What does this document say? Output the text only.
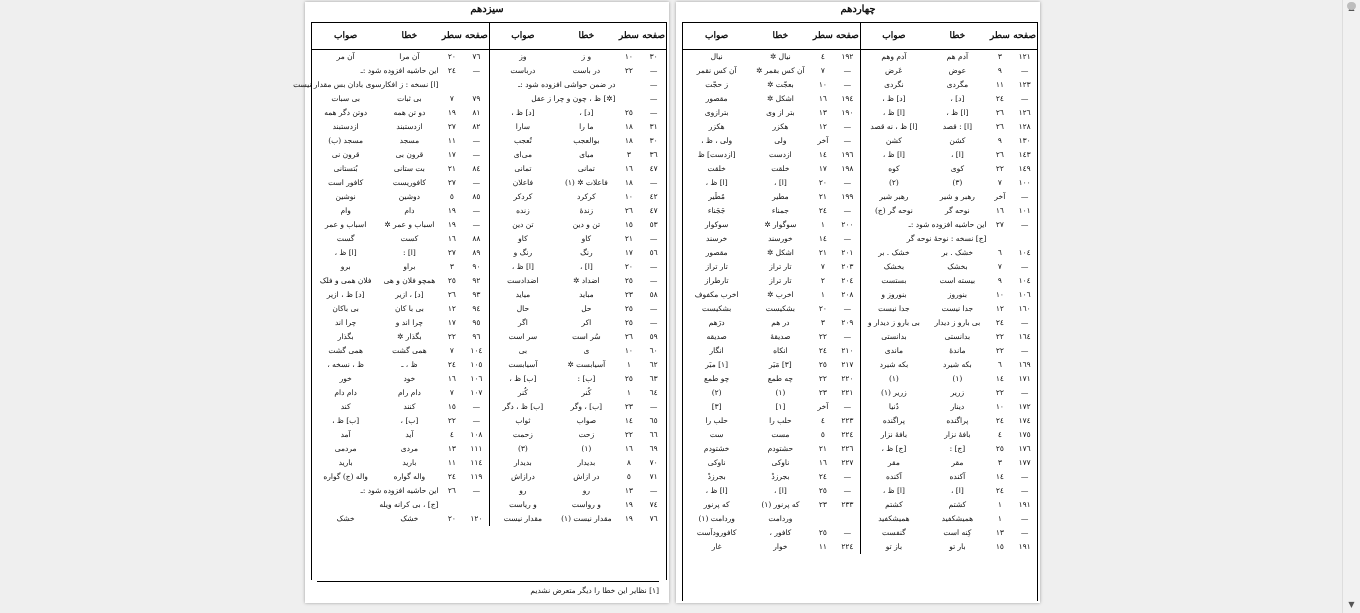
چهاردهم
صفحه	سطر	خطا	صواب	صفحه	سطر	خطا	صواب
۱۲۱	۳	آدم هم	آدم وهم	۱۹۲	٤	نیال ✲	نیال
—	۹	عوض	عَرض	—	۷	آن کس بقمر ✲	آن کس نقمر
۱۲۳	۱۱	مگردی	نگردی	—	۱۰	بعجّت ✲	ز حجّت
—	۲٤	[د] ،	[د] ظ ،	۱۹٤	۱٦	اشکل ✲	مقصور
۱۲٦	۲٦	[ا] ظ ،	[ا] ظ ،	۱۹۰	۱۳	بتر از وی	بترازوی
۱۲۸	۲٦	[ا] : قصد	[ا] ظ ، نه قصد	—	۱۲	هکزر	هکزر
۱۳۰	۹	کشن	کشن	—	آخر	ولی	ولی ، ظ ،
۱٤۳	۲٦	[ا] ،	[ا] ظ ،	۱۹٦	۱٤	ازدست	[ازدست] ظ
۱٤۹	۲۲	کوی	کوه	۱۹۸	۱۷	خلقت	خلقت
۱۰۰	۷	(۳)	(۲)	—	۲۰	[ا] ،	[ا] ظ ،
—	آخر	رهبر و شیر	رهبر شیر	۱۹۹	۲۱	مطیر	مُطَیر
۱۰۱	۱٦	نوحه گر	نوحه گر (ج)	—	۲٤	جمناء	جَجَناء
—	۲۷	این حاشیه افزوده شود :ـ		۲۰۰	۱	سوگوار ✲	سوکوار
		[ج] نسخه : نوحهٔ نوحه گر		—	۱٤	خورسند	خرسند
۱۰٤	٦	خشک . بر	خشک . بر	۲۰۱	۲۱	اشکل ✲	مقصور
—	۷	بخشک	بخشک	۲۰۳	۷	تار تراز	تار تراز
۱۰٤	۹	بیسته است	بستست	۲۰٤	۲	تار تراز	تارطراز
۱۰٦	۱۰	بنوروز	بنوروز و	۲۰۸	۱	اخرب ✲	اخرب مکفوف
۱٦۰	۱۲	جدا نیست	جدا نیست	—	۲۰	بشکیست	بشکیست
—	۲٤	بی بارو ز دیدار	بی بارو ز دیدار و	۲۰۹	۳	در هم	درَهم
۱٦٤	۲۲	بدانستی	بدانستی	—	۲۲	صدیقهٔ	صدیقه
—	۲۲	ماندهٔ	ماندی	۲۱۰	۲٤	انکاه	انگار
۱٦۹	٦	بکه شیرد	بکه شیرد	۲۱۷	۲٥	[۳] مَیَر	[۱] میَر
۱۷۱	۱٤	(۱)	(۱)	۲۲۰	۲۲	چه طمع	چو طمع
—	۲۲	زریر	زریر (۱)	۲۲۱	۲۳	(۱)	(۲)
۱۷۲	۱۰	دینار	دُنیا	—	آخر	[۱]	[۳]
۱۷٤	۲٤	پراگنده	پراگنده	۲۲۳	٤	حلب را	حلب را
۱۷٥	٤	بافهٔ نزار	بافهٔ نزار	۲۲٤	٥	مست	ست
۱۷٦	۲٥	[ج] :	[ج] ظ ،	۲۲٦	۲۱	حشتودم	خشتودم
۱۷۷	۳	مقر	مقر	۲۲۷	۱٦	ناوکی	ناوکی
—	۱٤	آکنده	آکنده	—	۲٤	بجرزدْ	بجرزدْ
—	۲٤	[ا] ،	[ا] ظ ،	—	۲٥	[ا] ،	[ا] ظ ،
۱۹۱	۱	کشتم	کشتم	۲۳۳	۲۳	که پرنور (۱)	که پرنور
—	۱	همیشکفید	همیشکفید			وردامت	وردامت (۱)
—	۱۳	کِنه است	گنفست	—	۲٥	کافور ،	کافوروداَست
۱۹۱	۱٥	بار تو	باز تو	۲۲٤	۱۱	خوار	غار
سیزدهم
صفحه	سطر	خطا	صواب	صفحه	سطر	خطا	صواب
۳۰	۱۰	و ز	وز	۷٦	۲۰	آن مرا	آن مر
—	۲۲	در باست	درباست	—	۲٤	این حاشیه افزوده شود :ـ	
—		در ضمن حواشی افزوده شود :ـ				[ا] نسخه : ز افکارسوی بادان بس مقدار نیست	
—		[✲] ظ ، چون و چرا ز عقل		۷۹	۷	بی ثبات	بی سبات
—	۲٥	[د] ،	[د] ظ ،	۸۱	۱۹	دو تن همه	دوتن دگر همه
۳۱	۱۸	ما را	سارا	۸۲	۲۷	ازدستبند	ازدستبند
۳۰	۱۸	بوالعجب	تُعجب	—	۱۱	مسجد	مسجد (ب)
۳٦	۳	میای	می‌ای	—	۱۷	قرون بی	قرون نی
٤۷	۱٦	تمانی	تمانی	۸٤	۲۱	بت ستانی	بُتستانی
—	۱۸	فاعلات ✲ (۱)	فاعلان	—	۲۷	کافوریست	کافور است
٤۲	۱۰	کرکرد	کردکر	۸٥	٥	دوشین	نوشین
٤۷	۲٦	زندهٔ	زنده	—	۱۹	دام	وام
٥٣	۱٥	تن و دین	تن دین	—	۱۹	اسباب و عمر ✲	اسباب و عمر
—	۲۱	کاو	کاو	۸۸	۱٦	کست	گست
٥٦	۱۷	رنگ	رنگ و	۸۹	۲۷	[ا] :	[ا] ظ ،
—	۲۰	[ا] ،	[ا] ظ ،	۹۰	۳	براو	برو
—	۲٥	اضداد ✲	اضدادست	۹۲	۲٥	همچو فلان و هی	فلان همی و فلک
٥۸	۲۳	مباید	میاید	۹۳	۲٦	[د] ، ازیر	[د] ظ ، ازیر
—	۲٥	حل	حال	۹٤	۱۲	بی با کان	بی باکان
—	۲٥	اکر	اگر	۹٥	۱۷	چرا اند و	چرا اند
٥۹	۲٦	سُر است	سر است	۹٦	۲۲	بگذار ✲	بگذار
٦۰	۱۰	ی	بی	۱۰٤	۷	همی گشت	همی گشت
٦۲	۱	آسیابست ✲	آسیابست	۱۰٥	۲٤	ظ ، ـ	ظ ، نسخه ،
٦۳	۲٥	[ب] :	[ب] ظ ،	۱۰٦	۱٦	خود	خور
٦٤	۱	کُنر	کُنر	۱۰۷	۷	دام رام	دام دام
—	۲۳	[ب] ، وگر	[ب] ظ ، دگر	—	۱٥	کنند	کند
٦٥	۱٤	صواب	ثواب	—	۲۲	[ب] ،	[ب] ظ ،
٦٦	۲۲	زحت	زحمت	۱۰۸	٤	آید	آمد
٦۹	۱٦	(۱)	(۳)	۱۱۱	۱۳	مردی	مردمی
۷۰	۸	بدیدار	بدیدار	۱۱٤	۱۱	بارید	بارید
۷۱	٥	در ازاش	درازاش	۱۱۹	۲٤	واله گواره	واله (ج) گواره
—	۱۳	رو	رو	—	۲٦	این حاشیه افزوده شود :ـ	
۷٤	۱۹	و رواست	و ریاست			[ج] ، بی کرانه ویله	
۷٦	۱۹	مقدار نیست (۱)	مقدار نیست	۱۲۰	۲۰	خشک	خشک
[۱] نظایر این خطا را دیگر متعرض نشدیم
▼
